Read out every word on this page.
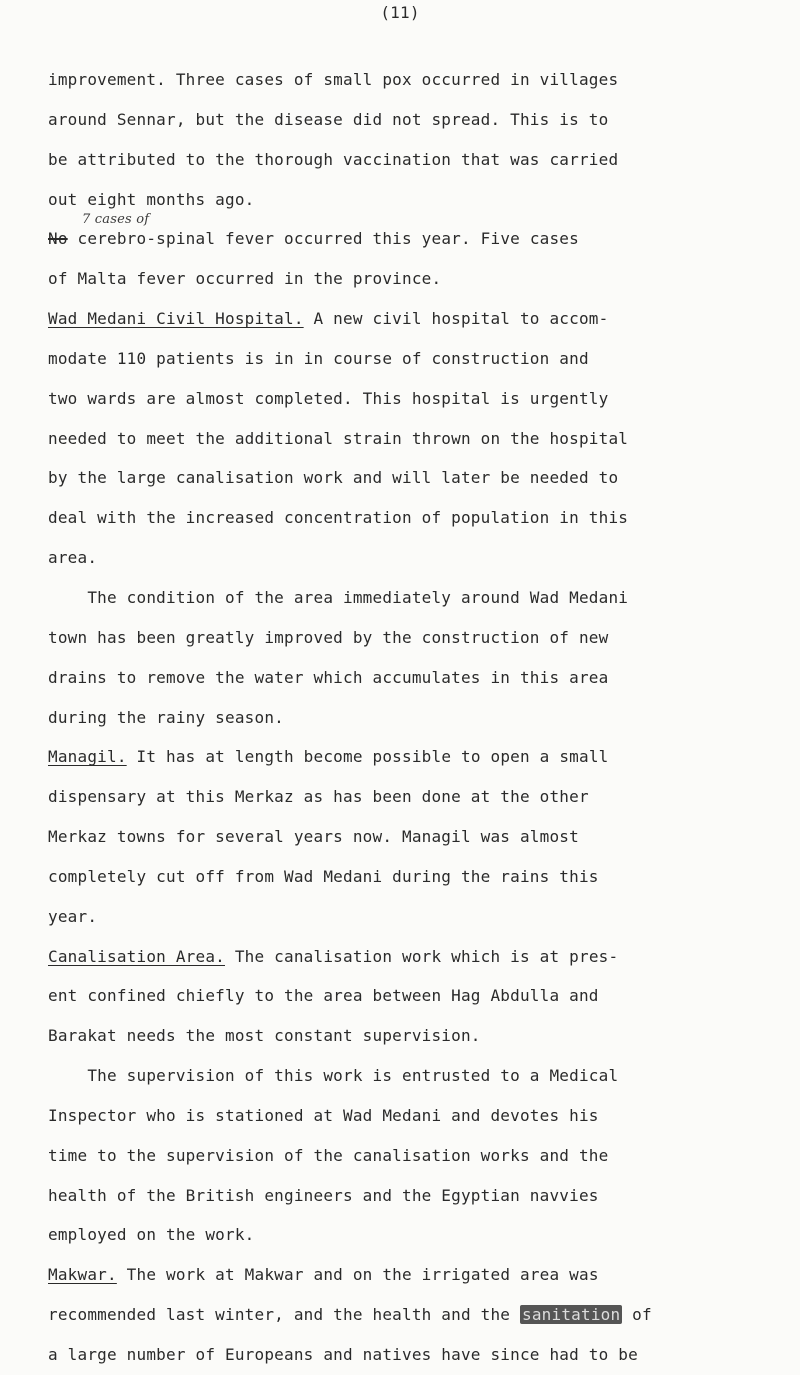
(11)
7 cases of
improvement. Three cases of small pox occurred in villages
around Sennar, but the disease did not spread. This is to
be attributed to the thorough vaccination that was carried
out eight months ago.
No cerebro-spinal fever occurred this year. Five cases
of Malta fever occurred in the province.
Wad Medani Civil Hospital. A new civil hospital to accom-
modate 110 patients is in in course of construction and
two wards are almost completed. This hospital is urgently
needed to meet the additional strain thrown on the hospital
by the large canalisation work and will later be needed to
deal with the increased concentration of population in this
area.
The condition of the area immediately around Wad Medani
town has been greatly improved by the construction of new
drains to remove the water which accumulates in this area
during the rainy season.
Managil. It has at length become possible to open a small
dispensary at this Merkaz as has been done at the other
Merkaz towns for several years now. Managil was almost
completely cut off from Wad Medani during the rains this
year.
Canalisation Area. The canalisation work which is at pres-
ent confined chiefly to the area between Hag Abdulla and
Barakat needs the most constant supervision.
The supervision of this work is entrusted to a Medical
Inspector who is stationed at Wad Medani and devotes his
time to the supervision of the canalisation works and the
health of the British engineers and the Egyptian navvies
employed on the work.
Makwar. The work at Makwar and on the irrigated area was
recommended last winter, and the health and the sanitation of
a large number of Europeans and natives have since had to be
